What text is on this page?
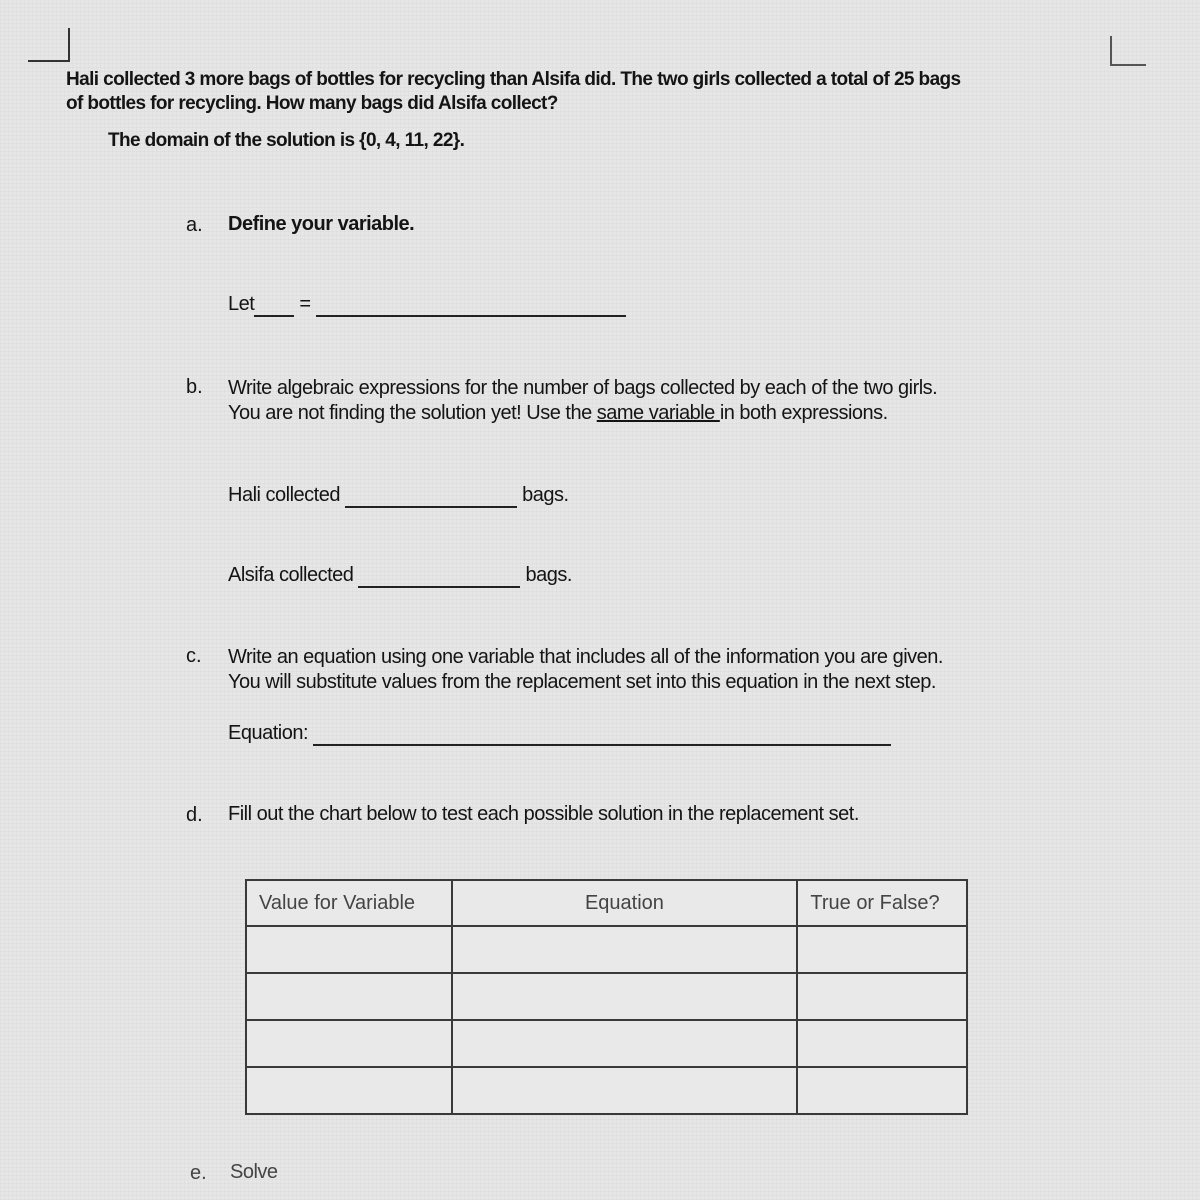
Hali collected 3 more bags of bottles for recycling than Alsifa did. The two girls collected a total of 25 bags
of bottles for recycling. How many bags did Alsifa collect?
The domain of the solution is {0, 4, 11, 22}.
a. Define your variable.
Let =
b. Write algebraic expressions for the number of bags collected by each of the two girls.
You are not finding the solution yet! Use the same variable in both expressions.
Hali collected	bags.
Alsifa collected	bags.
c. Write an equation using one variable that includes all of the information you are given.
You will substitute values from the replacement set into this equation in the next step.
Equation:
d. Fill out the chart below to test each possible solution in the replacement set.
Value for Variable	Equation	True or False?

e. Solve
